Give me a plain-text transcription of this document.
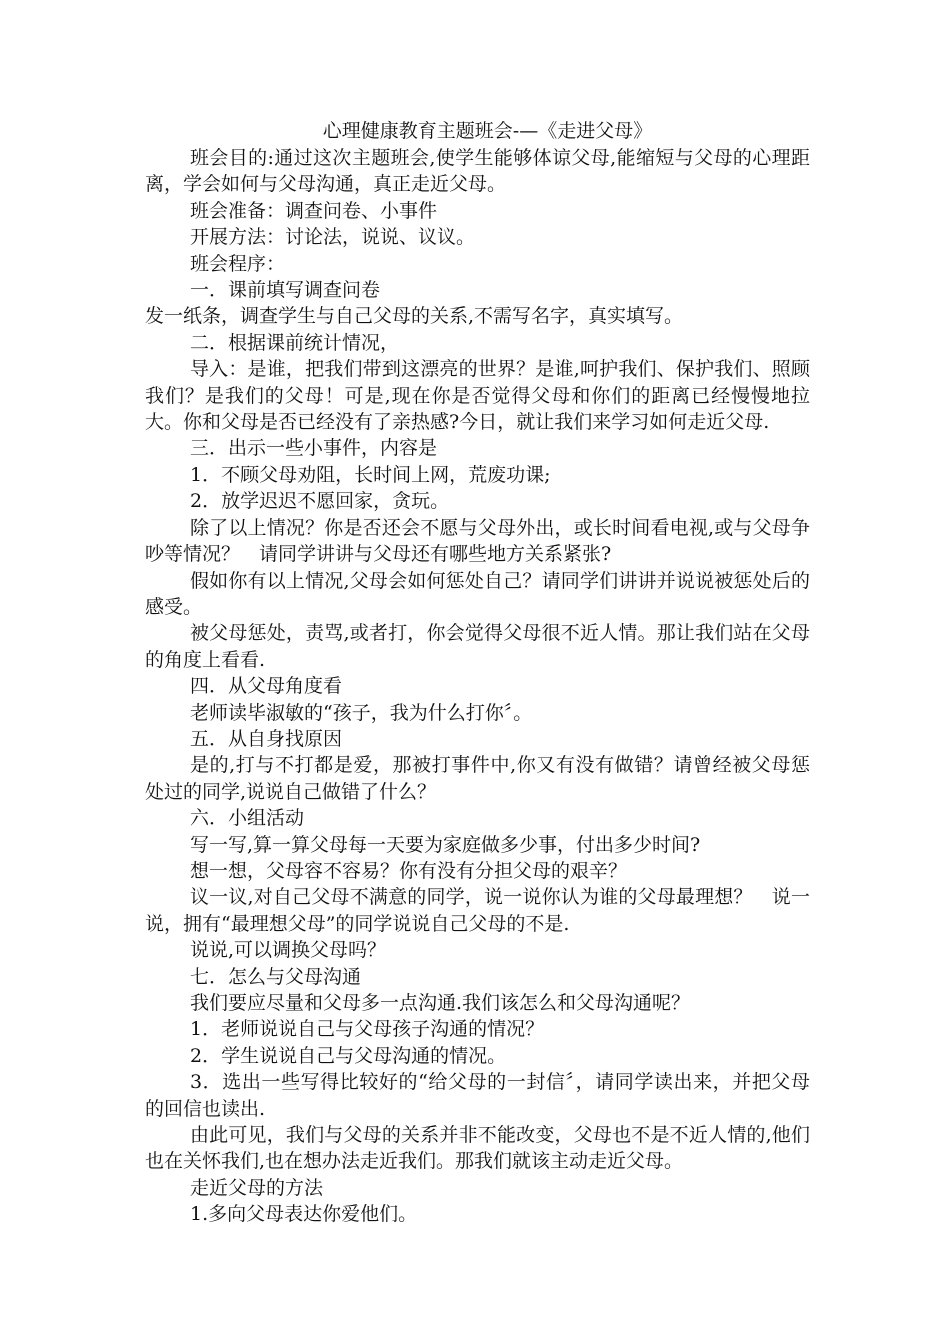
心理健康教育主题班会-—《走进父母》

班会目的:通过这次主题班会,使学生能够体谅父母,能缩短与父母的心理距离，学会如何与父母沟通，真正走近父母。

班会准备：调查问卷、小事件

开展方法：讨论法，说说、议议。

班会程序：

一．课前填写调查问卷

发一纸条，调查学生与自己父母的关系,不需写名字，真实填写。

二．根据课前统计情况，

导入：是谁，把我们带到这漂亮的世界？是谁,呵护我们、保护我们、照顾我们？是我们的父母！可是,现在你是否觉得父母和你们的距离已经慢慢地拉大。你和父母是否已经没有了亲热感?今日，就让我们来学习如何走近父母.

三．出示一些小事件，内容是

1．不顾父母劝阻，长时间上网，荒废功课;

2．放学迟迟不愿回家，贪玩。

除了以上情况？你是否还会不愿与父母外出，或长时间看电视,或与父母争吵等情况？　请同学讲讲与父母还有哪些地方关系紧张?

假如你有以上情况,父母会如何惩处自己？请同学们讲讲并说说被惩处后的感受。

被父母惩处，责骂,或者打，你会觉得父母很不近人情。那让我们站在父母的角度上看看.

四．从父母角度看

老师读毕淑敏的“孩子，我为什么打你〞。

五．从自身找原因

是的,打与不打都是爱，那被打事件中,你又有没有做错？请曾经被父母惩处过的同学,说说自己做错了什么？

六．小组活动

写一写,算一算父母每一天要为家庭做多少事，付出多少时间?

想一想，父母容不容易？你有没有分担父母的艰辛？

议一议,对自己父母不满意的同学，说一说你认为谁的父母最理想？　说一说，拥有“最理想父母”的同学说说自己父母的不是.

说说,可以调换父母吗？

七．怎么与父母沟通

我们要应尽量和父母多一点沟通.我们该怎么和父母沟通呢？

1．老师说说自己与父母孩子沟通的情况？

2．学生说说自己与父母沟通的情况。

3．选出一些写得比较好的“给父母的一封信〞，请同学读出来，并把父母的回信也读出.

由此可见，我们与父母的关系并非不能改变，父母也不是不近人情的,他们也在关怀我们,也在想办法走近我们。那我们就该主动走近父母。

走近父母的方法

1.多向父母表达你爱他们。
